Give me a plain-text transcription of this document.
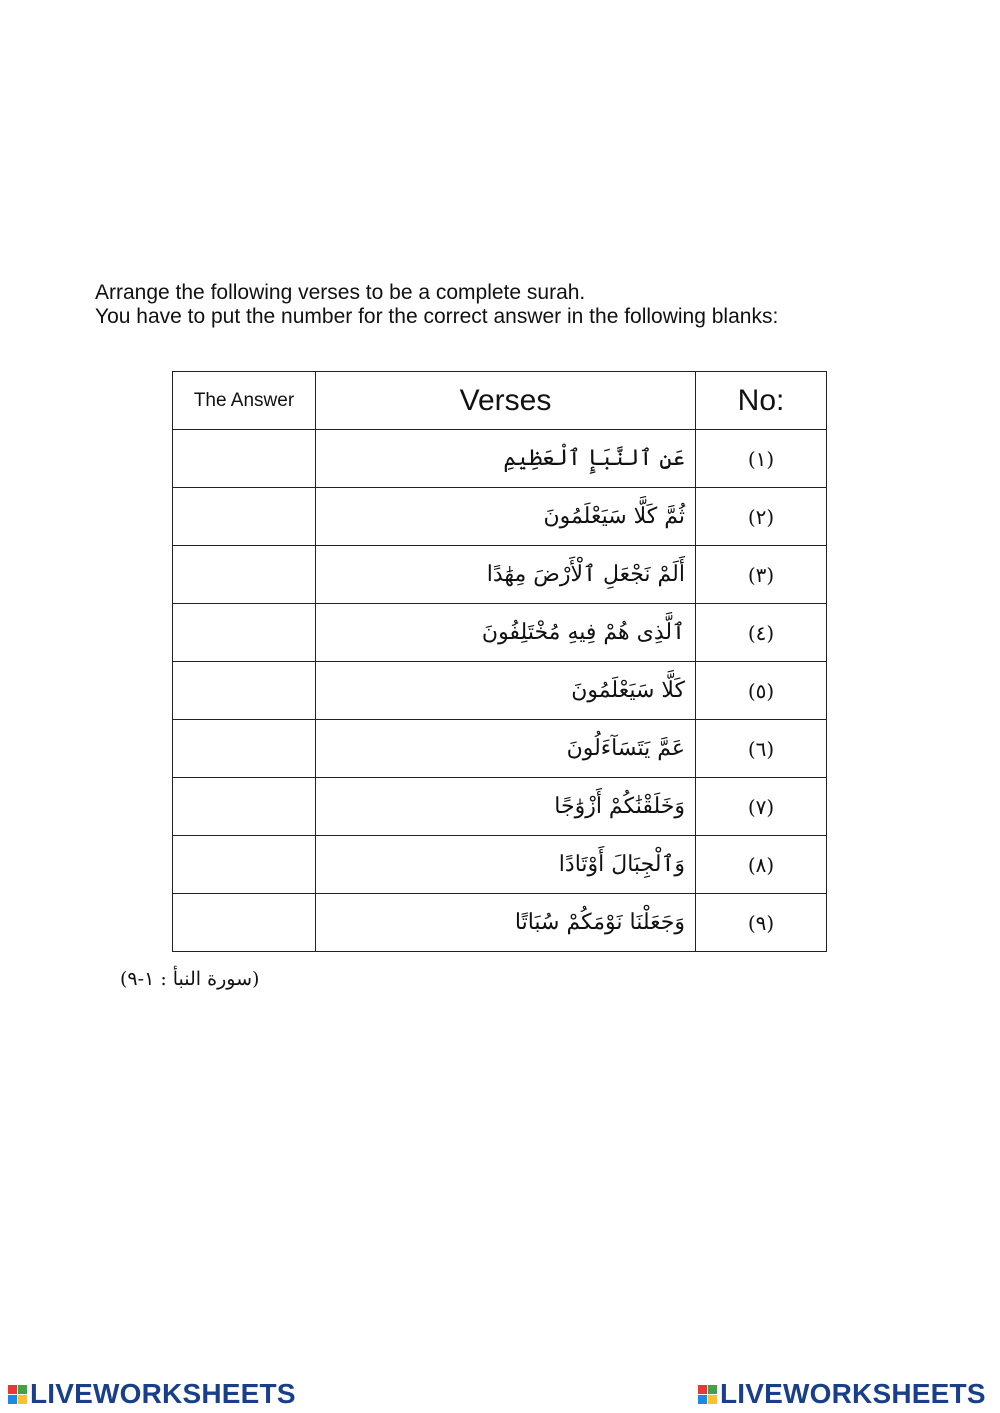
Arrange the following verses to be a complete surah.
You have to put the number for the correct answer in the following blanks:
The Answer	Verses	No:
	عَنِ ٱلنَّبَإِ ٱلْعَظِيمِ	(١)
	ثُمَّ كَلَّا سَيَعْلَمُونَ	(٢)
	أَلَمْ نَجْعَلِ ٱلْأَرْضَ مِهَٰدًا	(٣)
	ٱلَّذِى هُمْ فِيهِ مُخْتَلِفُونَ	(٤)
	كَلَّا سَيَعْلَمُونَ	(٥)
	عَمَّ يَتَسَآءَلُونَ	(٦)
	وَخَلَقْنَٰكُمْ أَزْوَٰجًا	(٧)
	وَٱلْجِبَالَ أَوْتَادًا	(٨)
	وَجَعَلْنَا نَوْمَكُمْ سُبَاتًا	(٩)
(سورة النبأ : ١-٩)
LIVEWORKSHEETS	LIVEWORKSHEETS
